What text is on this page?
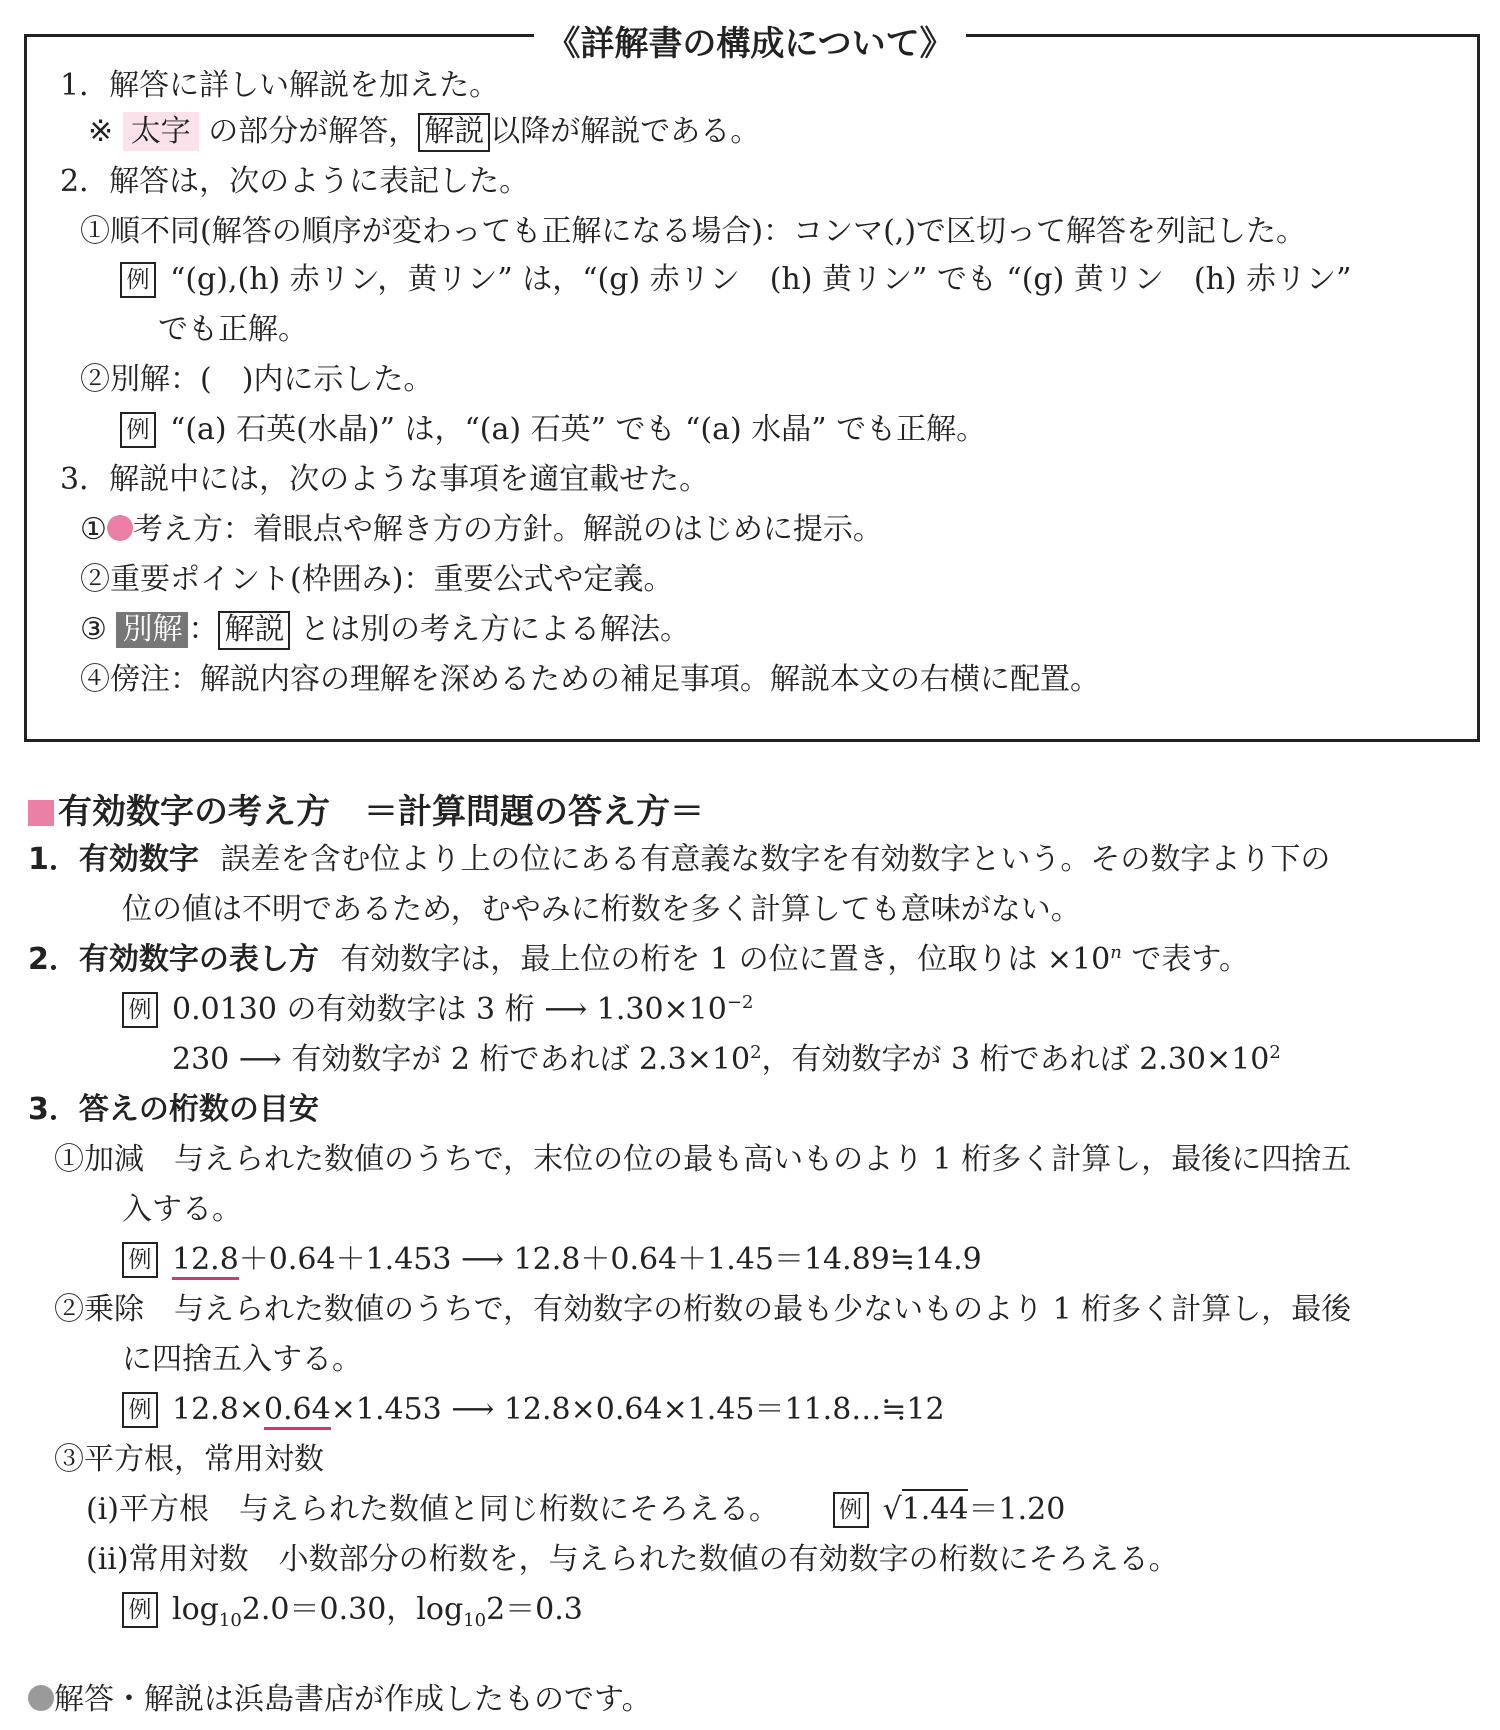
《詳解書の構成について》
1．解答に詳しい解説を加えた。
※ 太字 の部分が解答， 解説 以降が解説である。
2．解答は，次のように表記した。
①順不同(解答の順序が変わっても正解になる場合)：コンマ(,)で区切って解答を列記した。
例 “(g),(h) 赤リン，黄リン” は，“(g) 赤リン　(h) 黄リン” でも “(g) 黄リン　(h) 赤リン”
でも正解。
②別解：(　)内に示した。
例 “(a) 石英(水晶)” は，“(a) 石英” でも “(a) 水晶” でも正解。
3．解説中には，次のような事項を適宜載せた。
① 考え方：着眼点や解き方の方針。解説のはじめに提示。
②重要ポイント(枠囲み)：重要公式や定義。
③ 別解 ： 解説 とは別の考え方による解法。
④傍注：解説内容の理解を深めるための補足事項。解説本文の右横に配置。
有効数字の考え方　＝計算問題の答え方＝
1．有効数字 誤差を含む位より上の位にある有意義な数字を有効数字という。その数字より下の
位の値は不明であるため，むやみに桁数を多く計算しても意味がない。
2．有効数字の表し方 有効数字は，最上位の桁を 1 の位に置き，位取りは $\times 10^n$ で表す。
例 0.0130 の有効数字は 3 桁 ⟶ $1.30\times 10^{-2}$
230 ⟶ 有効数字が 2 桁であれば $2.3\times 10^2$，有効数字が 3 桁であれば $2.30\times 10^2$
3．答えの桁数の目安
①加減　与えられた数値のうちで，末位の位の最も高いものより 1 桁多く計算し，最後に四捨五
入する。
例 12.8＋0.64＋1.453 ⟶ 12.8＋0.64＋1.45＝14.89≒14.9
②乗除　与えられた数値のうちで，有効数字の桁数の最も少ないものより 1 桁多く計算し，最後
に四捨五入する。
例 12.8×0.64×1.453 ⟶ 12.8×0.64×1.45＝11.8…≒12
③平方根，常用対数
(i)平方根　与えられた数値と同じ桁数にそろえる。	例 √1.44＝1.20
(ii)常用対数　小数部分の桁数を，与えられた数値の有効数字の桁数にそろえる。
例 $\log_{10}2.0=0.30$，$\log_{10}2=0.3$
解答・解説は浜島書店が作成したものです。
